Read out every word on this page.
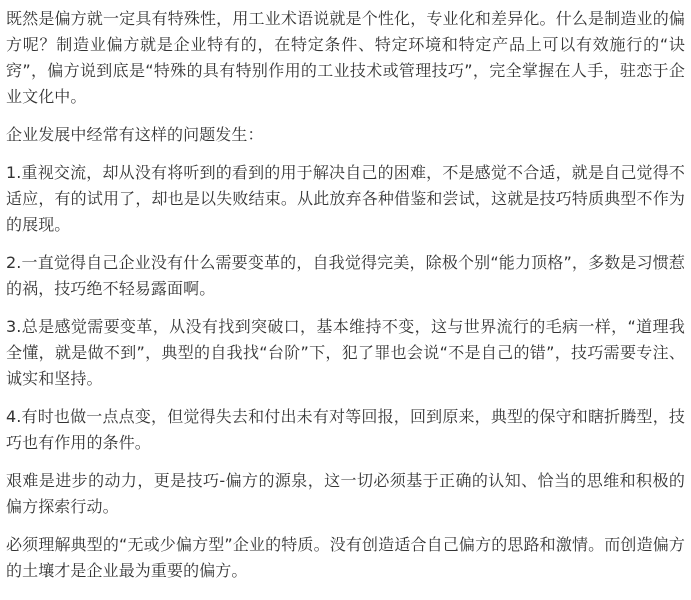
既然是偏方就一定具有特殊性，用工业术语说就是个性化，专业化和差异化。什么是制造业的偏方呢？制造业偏方就是企业特有的，在特定条件、特定环境和特定产品上可以有效施行的“诀窍”，偏方说到底是“特殊的具有特别作用的工业技术或管理技巧”，完全掌握在人手，驻恋于企业文化中。

企业发展中经常有这样的问题发生：

1.重视交流，却从没有将听到的看到的用于解决自己的困难，不是感觉不合适，就是自己觉得不适应，有的试用了，却也是以失败结束。从此放弃各种借鉴和尝试，这就是技巧特质典型不作为的展现。

2.一直觉得自己企业没有什么需要变革的，自我觉得完美，除极个别“能力顶格”，多数是习惯惹的祸，技巧绝不轻易露面啊。

3.总是感觉需要变革，从没有找到突破口，基本维持不变，这与世界流行的毛病一样，“道理我全懂，就是做不到”，典型的自我找“台阶”下，犯了罪也会说“不是自己的错”，技巧需要专注、诚实和坚持。

4.有时也做一点点变，但觉得失去和付出未有对等回报，回到原来，典型的保守和瞎折腾型，技巧也有作用的条件。

艰难是进步的动力，更是技巧-偏方的源泉，这一切必须基于正确的认知、恰当的思维和积极的偏方探索行动。

必须理解典型的“无或少偏方型”企业的特质。没有创造适合自己偏方的思路和激情。而创造偏方的土壤才是企业最为重要的偏方。
